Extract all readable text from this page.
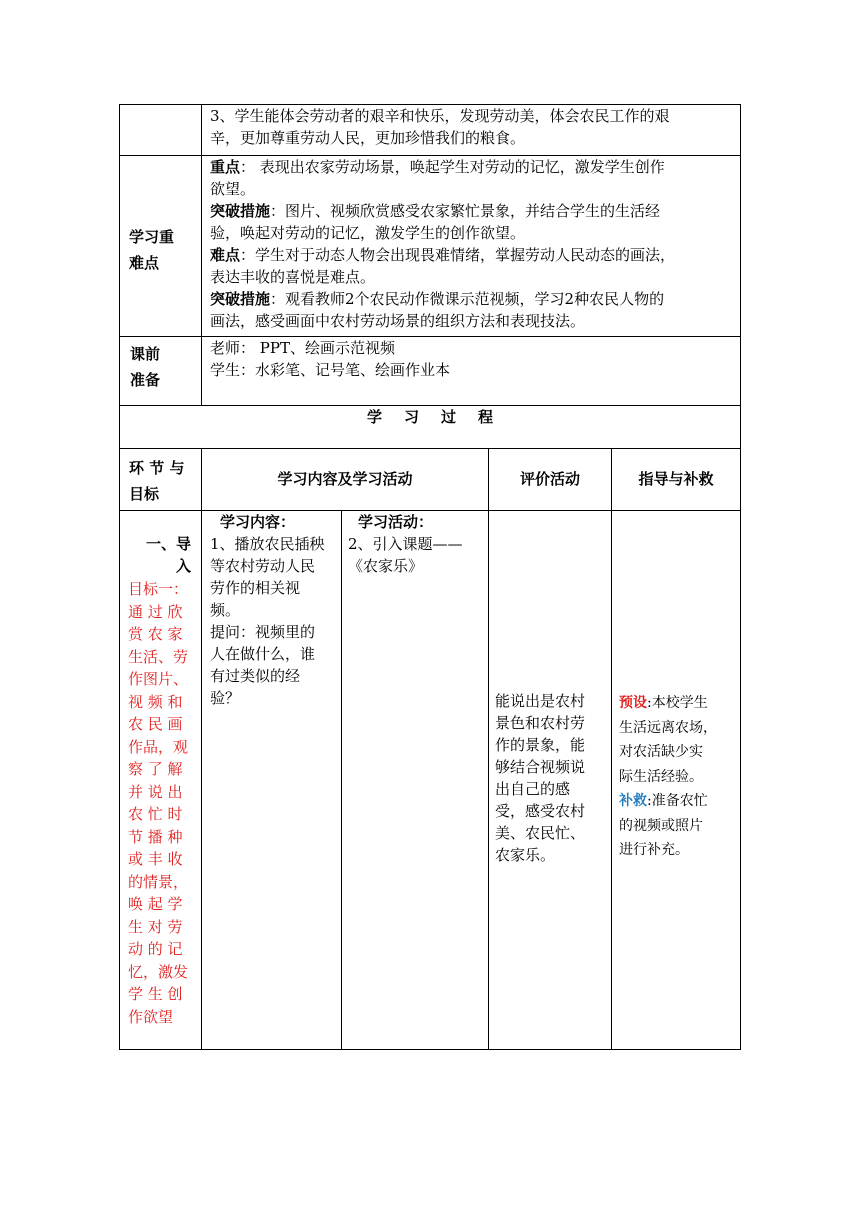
3、学生能体会劳动者的艰辛和快乐，发现劳动美，体会农民工作的艰
辛，更加尊重劳动人民，更加珍惜我们的粮食。
学习重
难点
重点： 表现出农家劳动场景，唤起学生对劳动的记忆，激发学生创作
欲望。
突破措施：图片、视频欣赏感受农家繁忙景象，并结合学生的生活经
验，唤起对劳动的记忆，激发学生的创作欲望。
难点：学生对于动态人物会出现畏难情绪，掌握劳动人民动态的画法，
表达丰收的喜悦是难点。
突破措施：观看教师2个农民动作微课示范视频，学习2种农民人物的
画法，感受画面中农村劳动场景的组织方法和表现技法。
课前
准备
老师： PPT、绘画示范视频
学生：水彩笔、记号笔、绘画作业本
学习过程
环 节 与
目标
学习内容及学习活动	评价活动	指导与补救
一、导
入
目标一：
通 过 欣
赏 农 家
生活、劳
作图片、
视 频 和
农 民 画
作品，观
察 了 解
并 说 出
农 忙 时
节 播 种
或 丰 收
的情景，
唤 起 学
生 对 劳
动 的 记
忆，激发
学 生 创
作欲望
学习内容：
1、播放农民插秧
等农村劳动人民
劳作的相关视
频。
提问：视频里的
人在做什么，谁
有过类似的经
验？
学习活动：
2、引入课题——
《农家乐》
能说出是农村
景色和农村劳
作的景象，能
够结合视频说
出自己的感
受，感受农村
美、农民忙、
农家乐。
预设:本校学生
生活远离农场，
对农活缺少实
际生活经验。
补救:准备农忙
的视频或照片
进行补充。
